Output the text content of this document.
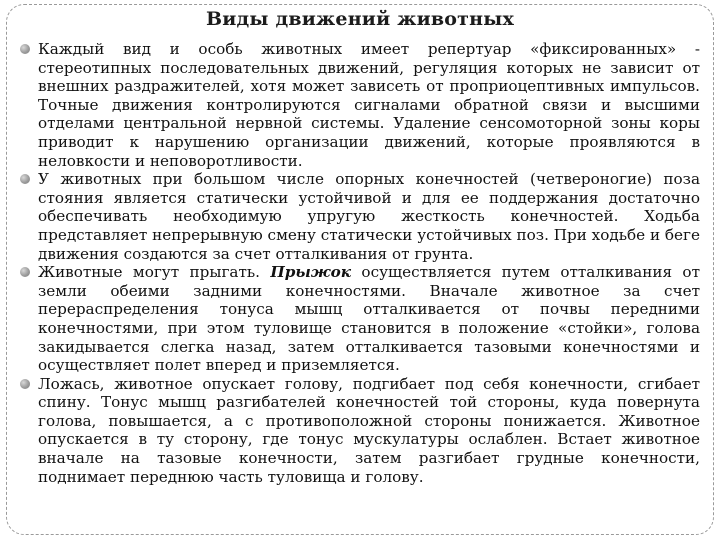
Виды движений животных
Каждый вид и особь животных имеет репертуар «фиксированных» - стереотипных последовательных движений, регуляция которых не зависит от внешних раздражителей, хотя может зависеть от проприоцептивных импульсов. Точные движения контролируются сигналами обратной связи и высшими отделами центральной нервной системы. Удаление сенсомоторной зоны коры приводит к нарушению организации движений, которые проявляются в неловкости и неповоротливости.
У животных при большом числе опорных конечностей (четвероногие) поза стояния является статически устойчивой и для ее поддержания достаточно обеспечивать необходимую упругую жесткость конечностей. Ходьба представляет непрерывную смену статически устойчивых поз. При ходьбе и беге движения создаются за счет отталкивания от грунта.
Животные могут прыгать. Прыжок осуществляется путем отталкивания от земли обеими задними конечностями. Вначале животное за счет перераспределения тонуса мышц отталкивается от почвы передними конечностями, при этом туловище становится в положение «стойки», голова закидывается слегка назад, затем отталкивается тазовыми конечностями и осуществляет полет вперед и приземляется.
Ложась, животное опускает голову, подгибает под себя конечности, сгибает спину. Тонус мышц разгибателей конечностей той стороны, куда повернута голова, повышается, а с противоположной стороны понижается. Животное опускается в ту сторону, где тонус мускулатуры ослаблен. Встает животное вначале на тазовые конечности, затем разгибает грудные конечности, поднимает переднюю часть туловища и голову.
